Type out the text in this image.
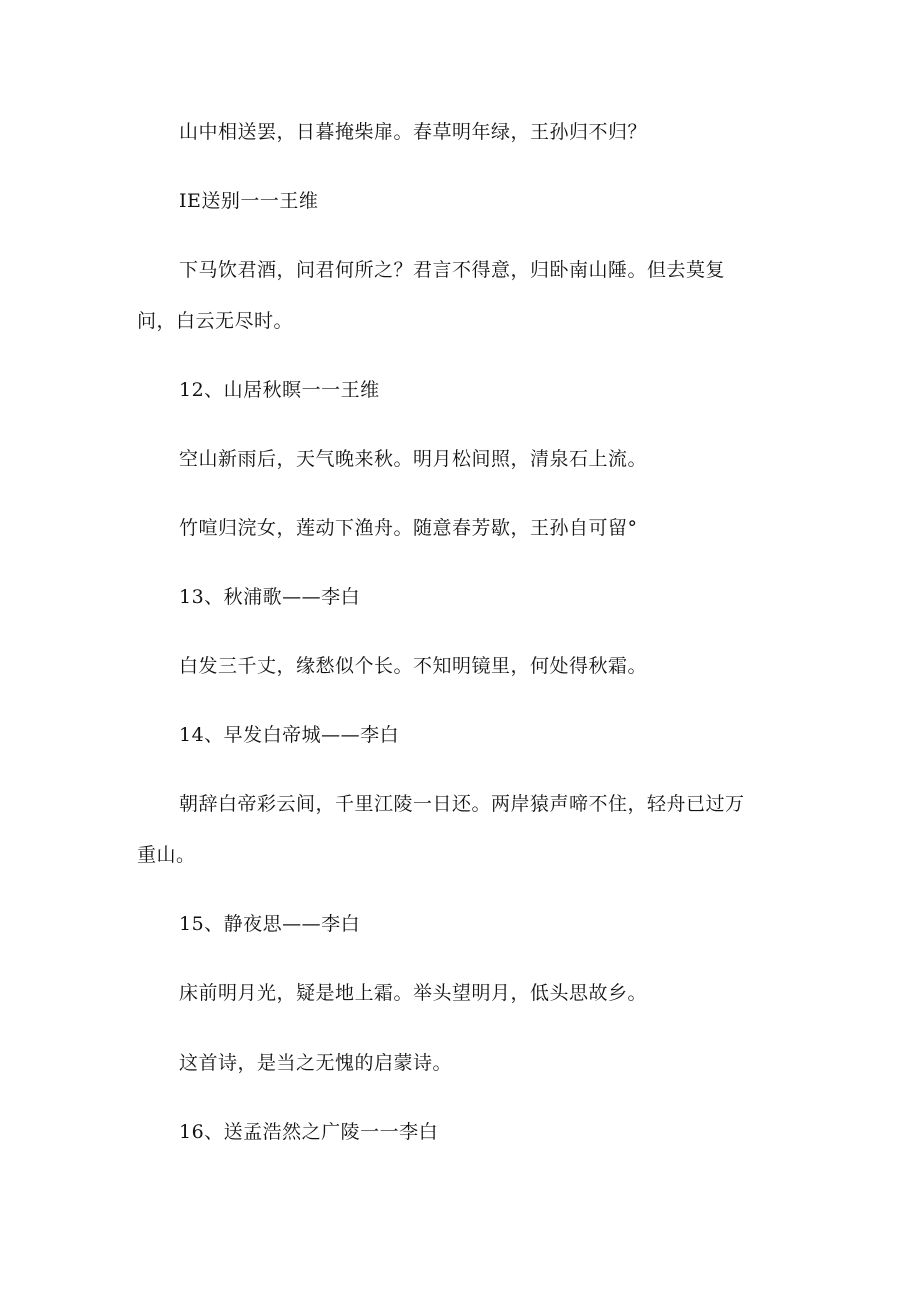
山中相送罢，日暮掩柴扉。春草明年绿，王孙归不归？
IE送别一一王维
下马饮君酒，问君何所之？君言不得意，归卧南山陲。但去莫复
问，白云无尽时。
12、山居秋瞑一一王维
空山新雨后，天气晚来秋。明月松间照，清泉石上流。
竹喧归浣女，莲动下渔舟。随意春芳歇，王孙自可留°
13、秋浦歌——李白
白发三千丈，缘愁似个长。不知明镜里，何处得秋霜。
14、早发白帝城——李白
朝辞白帝彩云间，千里江陵一日还。两岸猿声啼不住，轻舟已过万
重山。
15、静夜思——李白
床前明月光，疑是地上霜。举头望明月，低头思故乡。
这首诗，是当之无愧的启蒙诗。
16、送孟浩然之广陵一一李白
